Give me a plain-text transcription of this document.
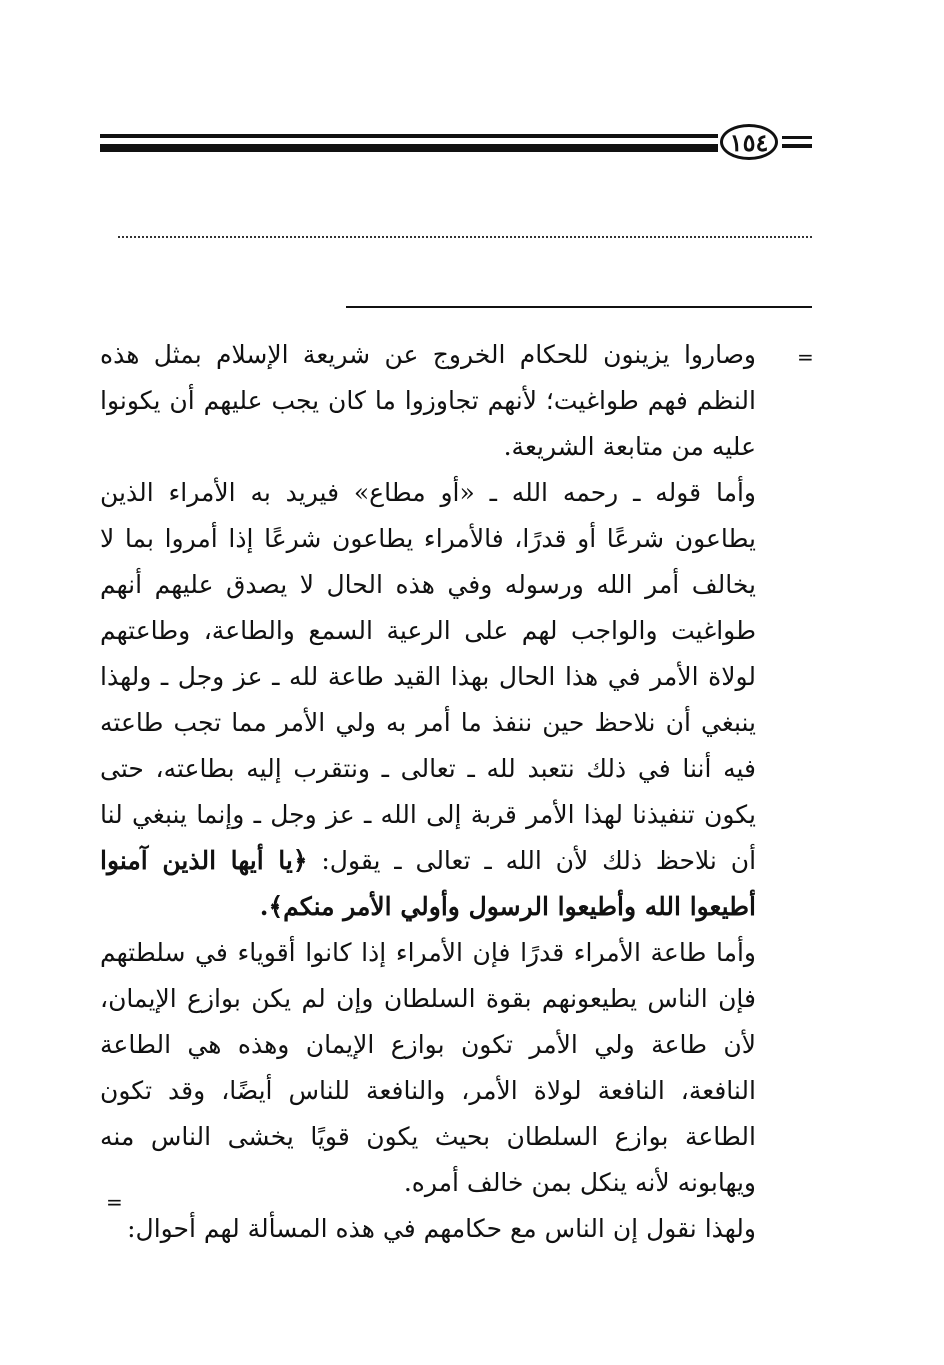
١٥٤
=
=

وصاروا يزينون للحكام الخروج عن شريعة الإسلام بمثل هذه النظم فهم طواغيت؛ لأنهم تجاوزوا ما كان يجب عليهم أن يكونوا عليه من متابعة الشريعة.

وأما قوله ـ رحمه الله ـ «أو مطاع» فيريد به الأمراء الذين يطاعون شرعًا أو قدرًا، فالأمراء يطاعون شرعًا إذا أمروا بما لا يخالف أمر الله ورسوله وفي هذه الحال لا يصدق عليهم أنهم طواغيت والواجب لهم على الرعية السمع والطاعة، وطاعتهم لولاة الأمر في هذا الحال بهذا القيد طاعة لله ـ عز وجل ـ ولهذا ينبغي أن نلاحظ حين ننفذ ما أمر به ولي الأمر مما تجب طاعته فيه أننا في ذلك نتعبد لله ـ تعالى ـ ونتقرب إليه بطاعته، حتى يكون تنفيذنا لهذا الأمر قربة إلى الله ـ عز وجل ـ وإنما ينبغي لنا أن نلاحظ ذلك لأن الله ـ تعالى ـ يقول: ﴿يا أيها الذين آمنوا أطيعوا الله وأطيعوا الرسول وأولي الأمر منكم﴾.

وأما طاعة الأمراء قدرًا فإن الأمراء إذا كانوا أقوياء في سلطتهم فإن الناس يطيعونهم بقوة السلطان وإن لم يكن بوازع الإيمان، لأن طاعة ولي الأمر تكون بوازع الإيمان وهذه هي الطاعة النافعة، النافعة لولاة الأمر، والنافعة للناس أيضًا، وقد تكون الطاعة بوازع السلطان بحيث يكون قويًا يخشى الناس منه ويهابونه لأنه ينكل بمن خالف أمره.

ولهذا نقول إن الناس مع حكامهم في هذه المسألة لهم أحوال:
